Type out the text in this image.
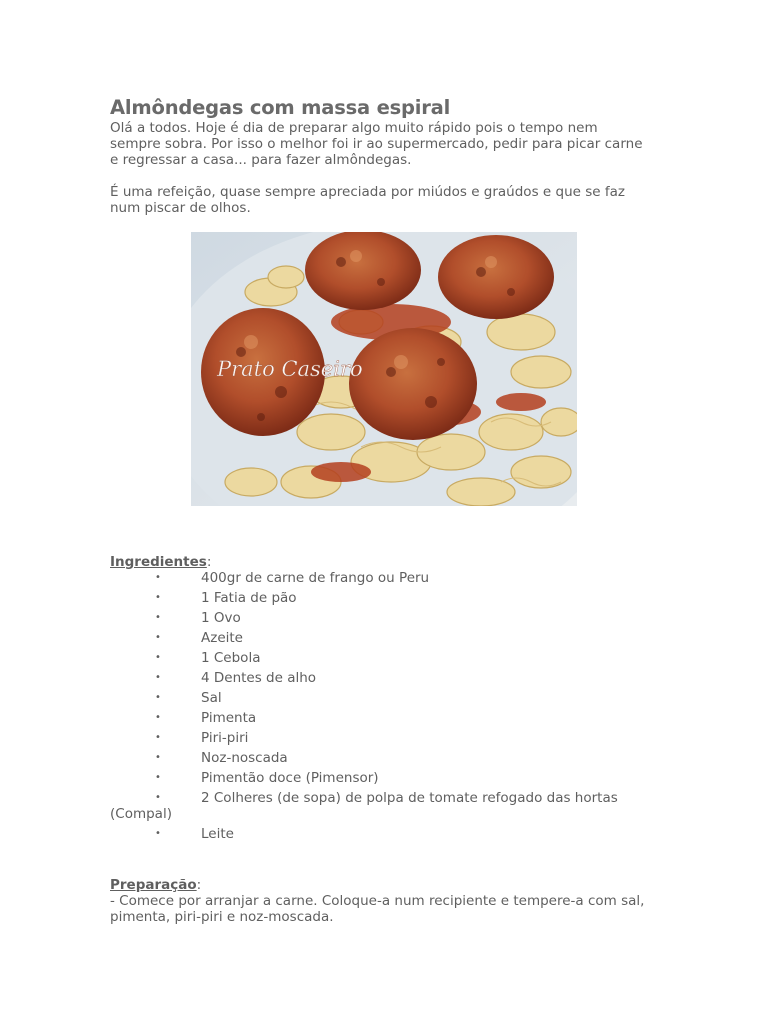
Almôndegas com massa espiral

Olá a todos. Hoje é dia de preparar algo muito rápido pois o tempo nem sempre sobra. Por isso o melhor foi ir ao supermercado, pedir para picar carne e regressar a casa... para fazer almôndegas.

É uma refeição, quase sempre apreciada por miúdos e graúdos e que se faz num piscar de olhos.

Prato Caseiro

Ingredientes:

•	400gr de carne de frango ou Peru
•	1 Fatia de pão
•	1 Ovo
•	Azeite
•	1 Cebola
•	4 Dentes de alho
•	Sal
•	Pimenta
•	Piri-piri
•	Noz-noscada
•	Pimentão doce (Pimensor)
•	2 Colheres (de sopa) de polpa de tomate refogado das hortas
(Compal)
•	Leite

Preparação:

- Comece por arranjar a carne. Coloque-a num recipiente e tempere-a com sal, pimenta, piri-piri e noz-moscada.
